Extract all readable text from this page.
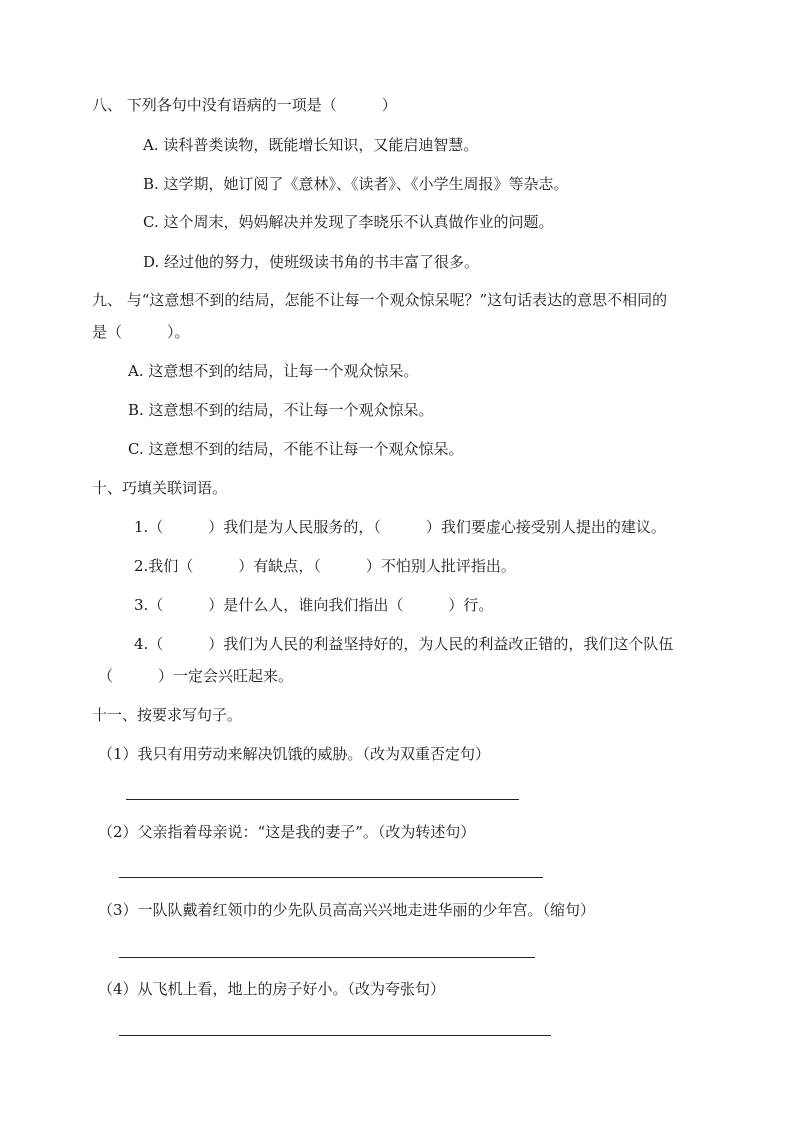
八、 下列各句中没有语病的一项是（　　　）
A. 读科普类读物，既能增长知识，又能启迪智慧。
B. 这学期，她订阅了《意林》、《读者》、《小学生周报》等杂志。
C. 这个周末，妈妈解决并发现了李晓乐不认真做作业的问题。
D. 经过他的努力，使班级读书角的书丰富了很多。
九、 与“这意想不到的结局，怎能不让每一个观众惊呆呢？”这句话表达的意思不相同的
是（　　　）。
A. 这意想不到的结局，让每一个观众惊呆。
B. 这意想不到的结局，不让每一个观众惊呆。
C. 这意想不到的结局，不能不让每一个观众惊呆。
十、巧填关联词语。
1.（　　　）我们是为人民服务的，（　　　）我们要虚心接受别人提出的建议。
2.我们（　　　）有缺点，（　　　）不怕别人批评指出。
3.（　　　）是什么人，谁向我们指出（　　　）行。
4.（　　　）我们为人民的利益坚持好的，为人民的利益改正错的，我们这个队伍
（　　　）一定会兴旺起来。
十一、按要求写句子。
（1）我只有用劳动来解决饥饿的威胁。（改为双重否定句）
（2）父亲指着母亲说：“这是我的妻子”。（改为转述句）
（3）一队队戴着红领巾的少先队员高高兴兴地走进华丽的少年宫。（缩句）
（4）从飞机上看，地上的房子好小。（改为夸张句）
